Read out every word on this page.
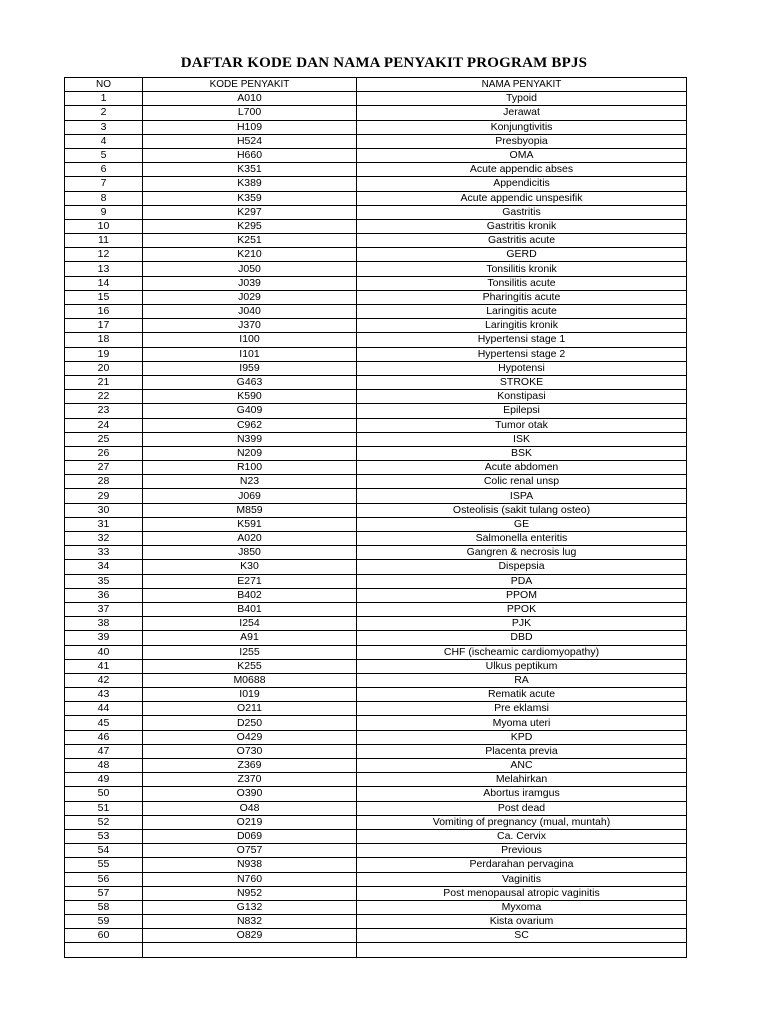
DAFTAR KODE DAN NAMA PENYAKIT PROGRAM BPJS
NO	KODE PENYAKIT	NAMA PENYAKIT
1	A010	Typoid
2	L700	Jerawat
3	H109	Konjungtivitis
4	H524	Presbyopia
5	H660	OMA
6	K351	Acute appendic abses
7	K389	Appendicitis
8	K359	Acute appendic unspesifik
9	K297	Gastritis
10	K295	Gastritis kronik
11	K251	Gastritis acute
12	K210	GERD
13	J050	Tonsilitis kronik
14	J039	Tonsilitis acute
15	J029	Pharingitis acute
16	J040	Laringitis acute
17	J370	Laringitis kronik
18	I100	Hypertensi stage 1
19	I101	Hypertensi stage 2
20	I959	Hypotensi
21	G463	STROKE
22	K590	Konstipasi
23	G409	Epilepsi
24	C962	Tumor otak
25	N399	ISK
26	N209	BSK
27	R100	Acute abdomen
28	N23	Colic renal unsp
29	J069	ISPA
30	M859	Osteolisis (sakit tulang osteo)
31	K591	GE
32	A020	Salmonella enteritis
33	J850	Gangren & necrosis lug
34	K30	Dispepsia
35	E271	PDA
36	B402	PPOM
37	B401	PPOK
38	I254	PJK
39	A91	DBD
40	I255	CHF (ischeamic cardiomyopathy)
41	K255	Ulkus peptikum
42	M0688	RA
43	I019	Rematik acute
44	O211	Pre eklamsi
45	D250	Myoma uteri
46	O429	KPD
47	O730	Placenta previa
48	Z369	ANC
49	Z370	Melahirkan
50	O390	Abortus iramgus
51	O48	Post dead
52	O219	Vomiting of pregnancy (mual, muntah)
53	D069	Ca. Cervix
54	O757	Previous
55	N938	Perdarahan pervagina
56	N760	Vaginitis
57	N952	Post menopausal atropic vaginitis
58	G132	Myxoma
59	N832	Kista ovarium
60	O829	SC
